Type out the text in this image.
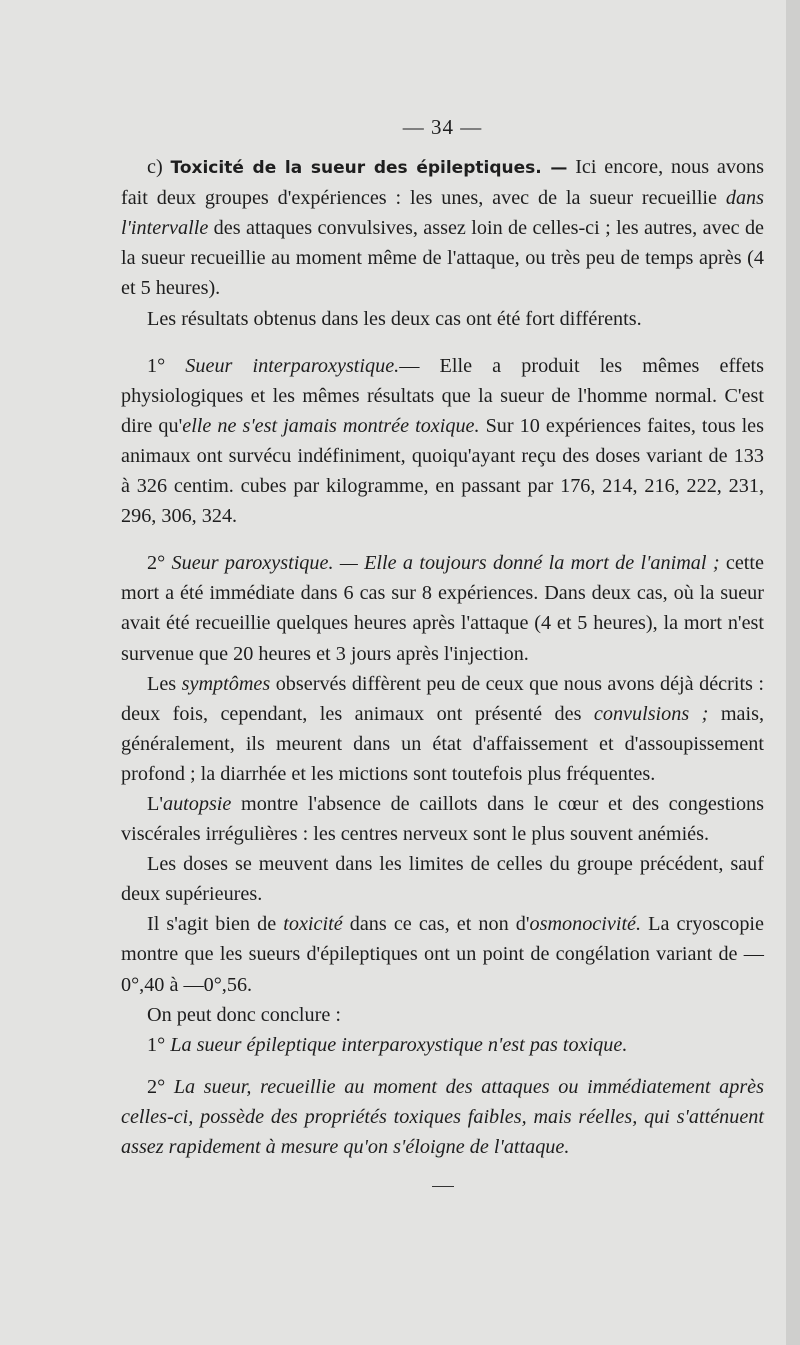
— 34 —

c) Toxicité de la sueur des épileptiques. — Ici encore, nous avons fait deux groupes d'expériences : les unes, avec de la sueur recueillie dans l'intervalle des attaques convulsives, assez loin de celles-ci ; les autres, avec de la sueur recueillie au moment même de l'attaque, ou très peu de temps après (4 et 5 heures).

Les résultats obtenus dans les deux cas ont été fort différents.

1° Sueur interparoxystique.— Elle a produit les mêmes effets physiologiques et les mêmes résultats que la sueur de l'homme normal. C'est dire qu'elle ne s'est jamais montrée toxique. Sur 10 expériences faites, tous les animaux ont survécu indéfiniment, quoiqu'ayant reçu des doses variant de 133 à 326 centim. cubes par kilogramme, en passant par 176, 214, 216, 222, 231, 296, 306, 324.

2° Sueur paroxystique. — Elle a toujours donné la mort de l'animal ; cette mort a été immédiate dans 6 cas sur 8 expériences. Dans deux cas, où la sueur avait été recueillie quelques heures après l'attaque (4 et 5 heures), la mort n'est survenue que 20 heures et 3 jours après l'injection.

Les symptômes observés diffèrent peu de ceux que nous avons déjà décrits : deux fois, cependant, les animaux ont présenté des convulsions ; mais, généralement, ils meurent dans un état d'affaissement et d'assoupissement profond ; la diarrhée et les mictions sont toutefois plus fréquentes.

L'autopsie montre l'absence de caillots dans le cœur et des congestions viscérales irrégulières : les centres nerveux sont le plus souvent anémiés.

Les doses se meuvent dans les limites de celles du groupe précédent, sauf deux supérieures.

Il s'agit bien de toxicité dans ce cas, et non d'osmonocivité. La cryoscopie montre que les sueurs d'épileptiques ont un point de congélation variant de —0°,40 à —0°,56.

On peut donc conclure :

1° La sueur épileptique interparoxystique n'est pas toxique.

2° La sueur, recueillie au moment des attaques ou immédiatement après celles-ci, possède des propriétés toxiques faibles, mais réelles, qui s'atténuent assez rapidement à mesure qu'on s'éloigne de l'attaque.
